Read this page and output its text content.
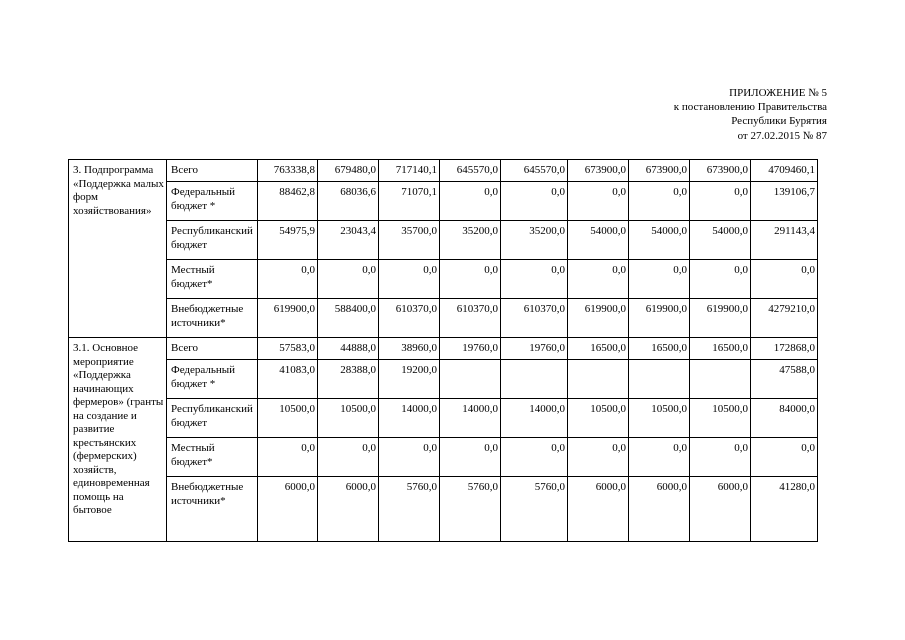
ПРИЛОЖЕНИЕ № 5
к постановлению Правительства
Республики Бурятия
от 27.02.2015 № 87
3. Подпрограмма «Поддержка малых форм хозяйствования»	Всего	763338,8	679480,0	717140,1	645570,0	645570,0	673900,0	673900,0	673900,0	4709460,1
	Федеральный бюджет *	88462,8	68036,6	71070,1	0,0	0,0	0,0	0,0	0,0	139106,7
	Республиканский бюджет	54975,9	23043,4	35700,0	35200,0	35200,0	54000,0	54000,0	54000,0	291143,4
	Местный бюджет*	0,0	0,0	0,0	0,0	0,0	0,0	0,0	0,0	0,0
	Внебюджетные источники*	619900,0	588400,0	610370,0	610370,0	610370,0	619900,0	619900,0	619900,0	4279210,0
3.1. Основное мероприятие «Поддержка начинающих фермеров» (гранты на создание и развитие крестьянских (фермерских) хозяйств, единовременная помощь на бытовое	Всего	57583,0	44888,0	38960,0	19760,0	19760,0	16500,0	16500,0	16500,0	172868,0
	Федеральный бюджет *	41083,0	28388,0	19200,0						47588,0
	Республиканский бюджет	10500,0	10500,0	14000,0	14000,0	14000,0	10500,0	10500,0	10500,0	84000,0
	Местный бюджет*	0,0	0,0	0,0	0,0	0,0	0,0	0,0	0,0	0,0
	Внебюджетные источники*	6000,0	6000,0	5760,0	5760,0	5760,0	6000,0	6000,0	6000,0	41280,0
